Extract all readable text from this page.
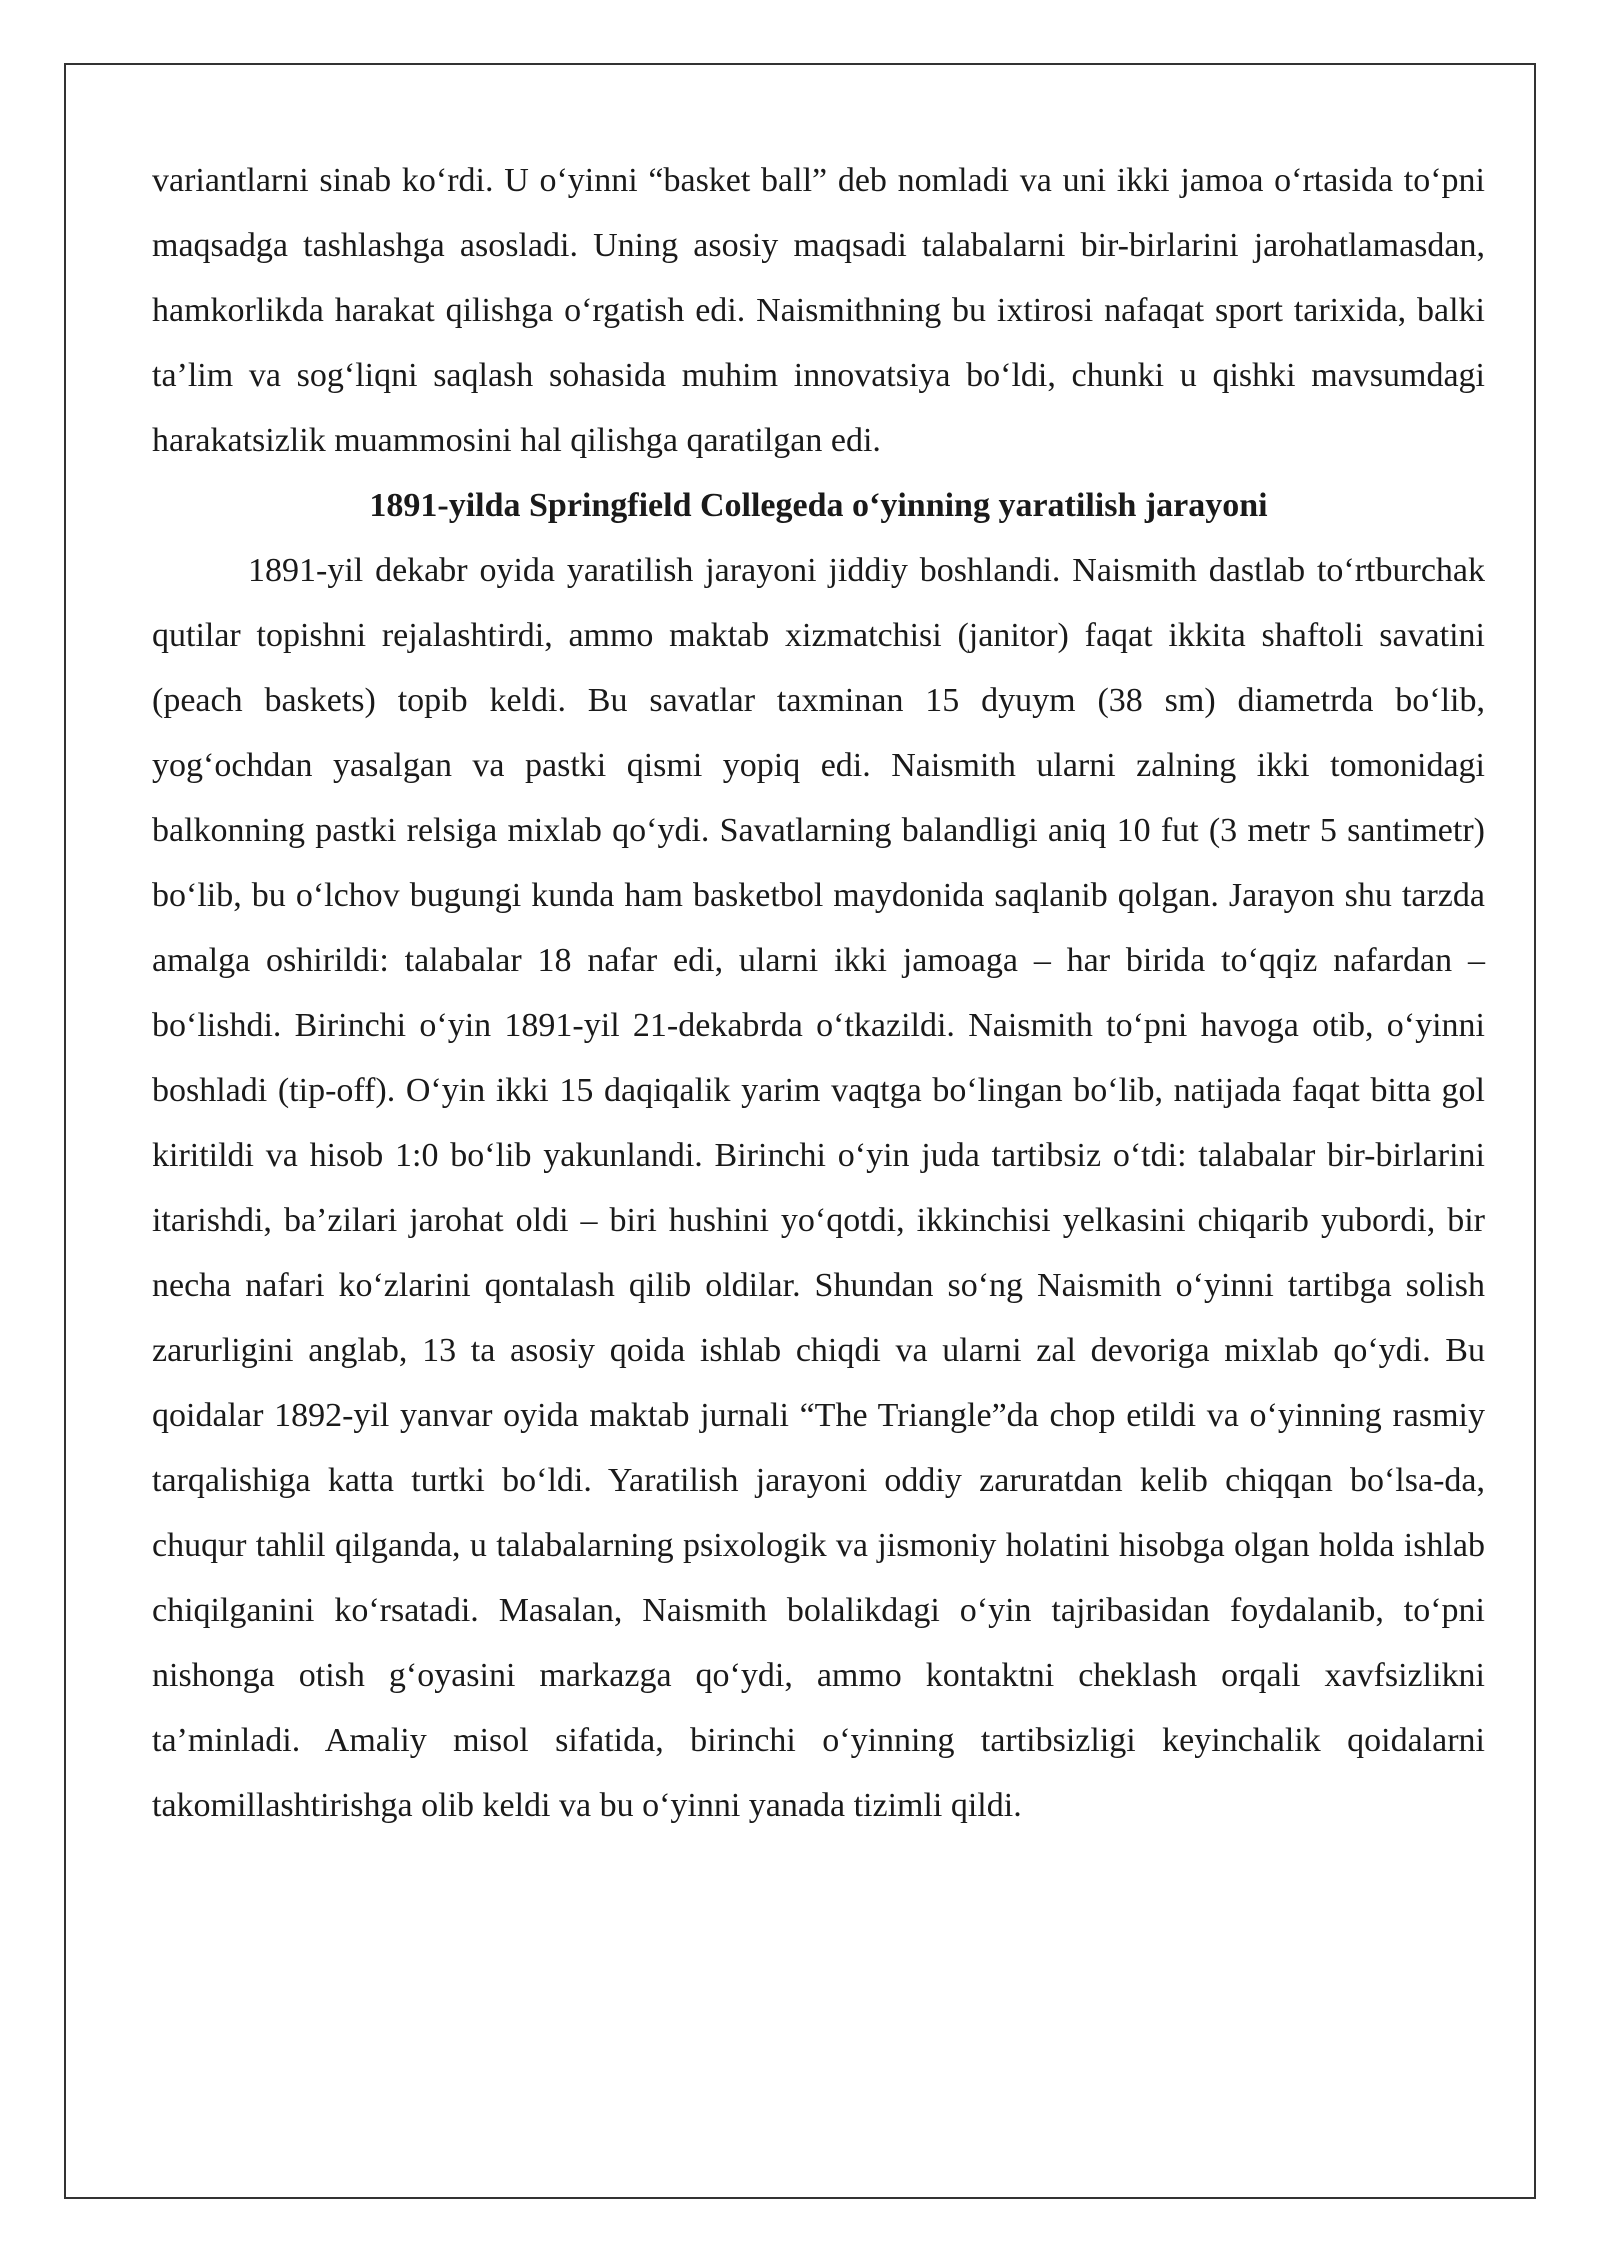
variantlarni sinab ko‘rdi. U o‘yinni “basket ball” deb nomladi va uni ikki jamoa o‘rtasida to‘pni maqsadga tashlashga asosladi. Uning asosiy maqsadi talabalarni bir-birlarini jarohatlamasdan, hamkorlikda harakat qilishga o‘rgatish edi. Naismithning bu ixtirosi nafaqat sport tarixida, balki ta’lim va sog‘liqni saqlash sohasida muhim innovatsiya bo‘ldi, chunki u qishki mavsumdagi harakatsizlik muammosini hal qilishga qaratilgan edi.

1891-yilda Springfield Collegeda o‘yinning yaratilish jarayoni

1891-yil dekabr oyida yaratilish jarayoni jiddiy boshlandi. Naismith dastlab to‘rtburchak qutilar topishni rejalashtirdi, ammo maktab xizmatchisi (janitor) faqat ikkita shaftoli savatini (peach baskets) topib keldi. Bu savatlar taxminan 15 dyuym (38 sm) diametrda bo‘lib, yog‘ochdan yasalgan va pastki qismi yopiq edi. Naismith ularni zalning ikki tomonidagi balkonning pastki relsiga mixlab qo‘ydi. Savatlarning balandligi aniq 10 fut (3 metr 5 santimetr) bo‘lib, bu o‘lchov bugungi kunda ham basketbol maydonida saqlanib qolgan. Jarayon shu tarzda amalga oshirildi: talabalar 18 nafar edi, ularni ikki jamoaga – har birida to‘qqiz nafardan – bo‘lishdi. Birinchi o‘yin 1891-yil 21-dekabrda o‘tkazildi. Naismith to‘pni havoga otib, o‘yinni boshladi (tip-off). O‘yin ikki 15 daqiqalik yarim vaqtga bo‘lingan bo‘lib, natijada faqat bitta gol kiritildi va hisob 1:0 bo‘lib yakunlandi. Birinchi o‘yin juda tartibsiz o‘tdi: talabalar bir-birlarini itarishdi, ba’zilari jarohat oldi – biri hushini yo‘qotdi, ikkinchisi yelkasini chiqarib yubordi, bir necha nafari ko‘zlarini qontalash qilib oldilar. Shundan so‘ng Naismith o‘yinni tartibga solish zarurligini anglab, 13 ta asosiy qoida ishlab chiqdi va ularni zal devoriga mixlab qo‘ydi. Bu qoidalar 1892-yil yanvar oyida maktab jurnali “The Triangle”da chop etildi va o‘yinning rasmiy tarqalishiga katta turtki bo‘ldi. Yaratilish jarayoni oddiy zaruratdan kelib chiqqan bo‘lsa-da, chuqur tahlil qilganda, u talabalarning psixologik va jismoniy holatini hisobga olgan holda ishlab chiqilganini ko‘rsatadi. Masalan, Naismith bolalikdagi o‘yin tajribasidan foydalanib, to‘pni nishonga otish g‘oyasini markazga qo‘ydi, ammo kontaktni cheklash orqali xavfsizlikni ta’minladi. Amaliy misol sifatida, birinchi o‘yinning tartibsizligi keyinchalik qoidalarni takomillashtirishga olib keldi va bu o‘yinni yanada tizimli qildi.
